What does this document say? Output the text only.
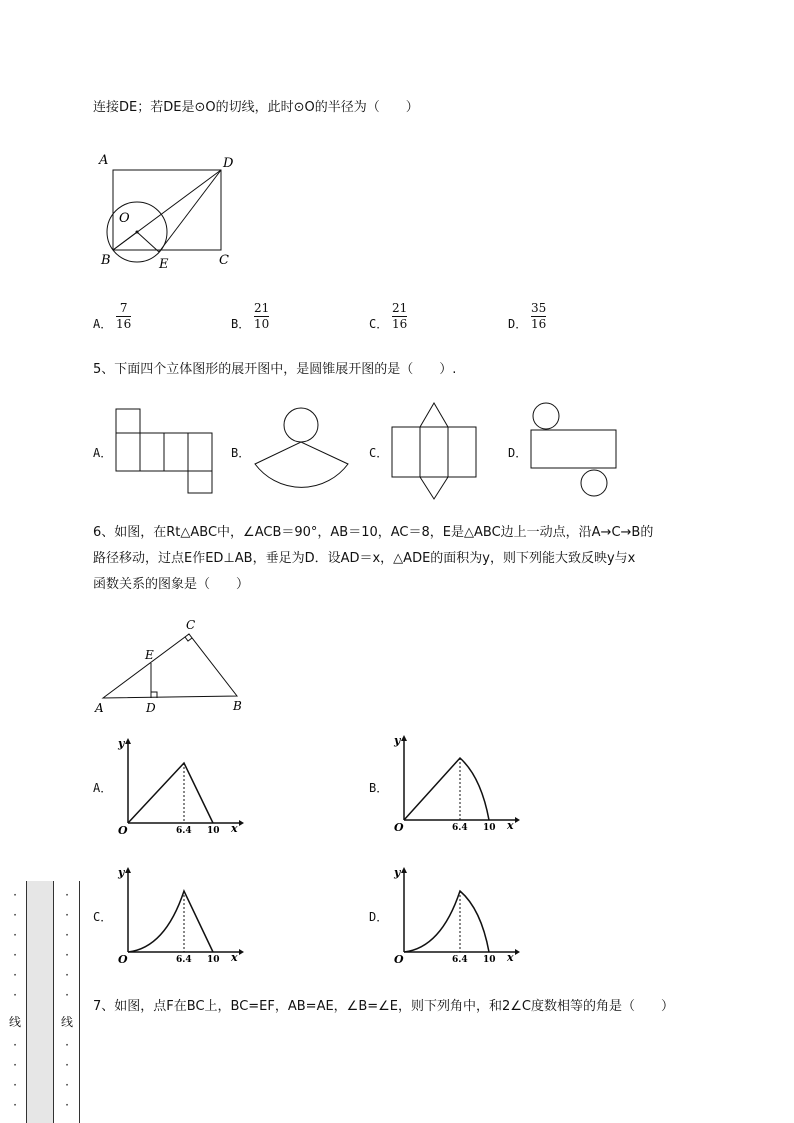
连接DE；若DE是⊙O的切线，此时⊙O的半径为（　　）
A	D
O
B	E	C
A．
7
16	B．
21
10	C．
21
16	D．
35
16
5、下面四个立体图形的展开图中，是圆锥展开图的是（　　）.
A．	B．	C．	D．
6、如图，在Rt△ABC中，∠ACB＝90°，AB＝10，AC＝8，E是△ABC边上一动点，沿A→C→B的
路径移动，过点E作ED⊥AB，垂足为D．设AD＝x，△ADE的面积为y，则下列能大致反映y与x
函数关系的图象是（　　）
C
E
A	D	B
A．
y
O	x
6.4 10
B．
y
O	x
6.4 10
C．
y
O	x
6.4 10
D．
y
O	x
6.4 10
7、如图，点F在BC上，BC=EF，AB=AE，∠B=∠E，则下列角中，和2∠C度数相等的角是（　　）
·
·
·
·
·
·
线
·
·
·
·
·
·
·
·
·
·
线
·
·
·
·
